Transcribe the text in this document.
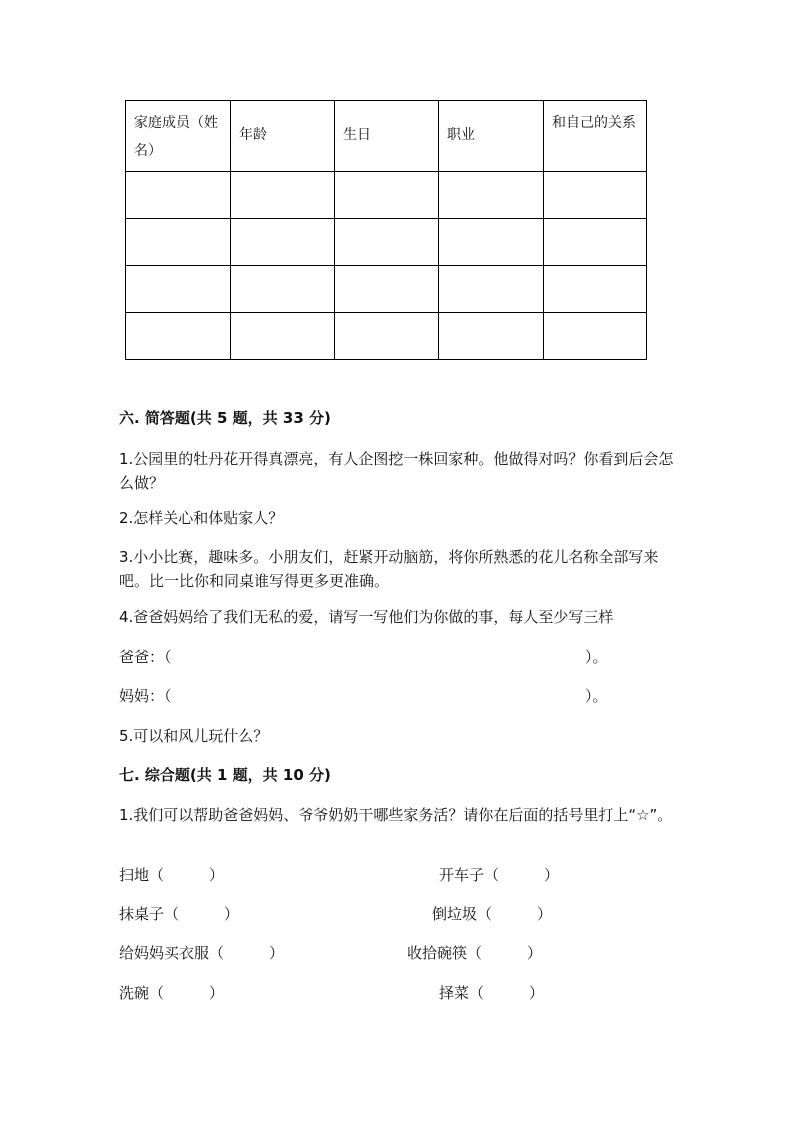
家庭成员（姓名）	年龄	生日	职业	和自己的关系

六. 简答题(共 5 题，共 33 分)
1.公园里的牡丹花开得真漂亮，有人企图挖一株回家种。他做得对吗？你看到后会怎么做？
2.怎样关心和体贴家人？
3.小小比赛，趣味多。小朋友们，赶紧开动脑筋，将你所熟悉的花儿名称全部写来吧。比一比你和同桌谁写得更多更准确。
4.爸爸妈妈给了我们无私的爱，请写一写他们为你做的事，每人至少写三样
爸爸：（	）。
妈妈：（	）。
5.可以和风儿玩什么？
七. 综合题(共 1 题，共 10 分)
1.我们可以帮助爸爸妈妈、爷爷奶奶干哪些家务活？请你在后面的括号里打上“☆”。
扫地（　　　）	开车子（　　　）
抹桌子（　　　）	倒垃圾（　　　）
给妈妈买衣服（　　　）	收拾碗筷（　　　）
洗碗（　　　）	择菜（　　　）
